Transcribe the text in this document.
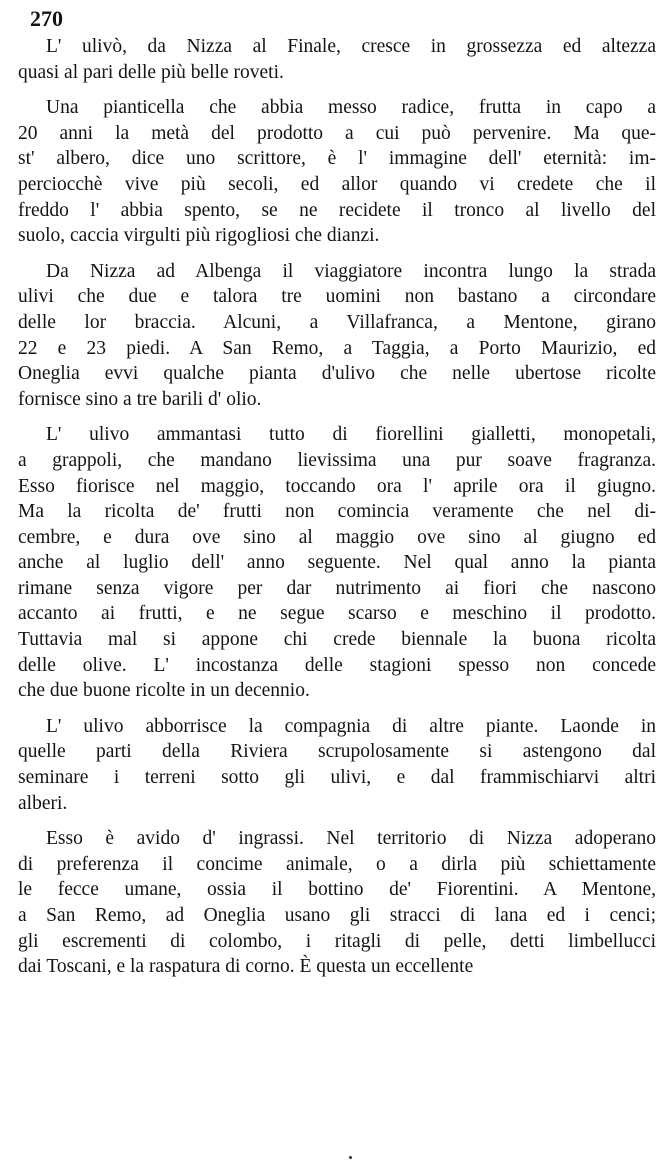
270
L' ulivò, da Nizza al Finale, cresce in grossezza ed altezza
quasi al pari delle più belle roveti.
Una pianticella che abbia messo radice, frutta in capo a
20 anni la metà del prodotto a cui può pervenire. Ma que-
st' albero, dice uno scrittore, è l' immagine dell' eternità: im-
perciocchè vive più secoli, ed allor quando vi credete che il
freddo l' abbia spento, se ne recidete il tronco al livello del
suolo, caccia virgulti più rigogliosi che dianzi.
Da Nizza ad Albenga il viaggiatore incontra lungo la strada
ulivi che due e talora tre uomini non bastano a circondare
delle lor braccia. Alcuni, a Villafranca, a Mentone, girano
22 e 23 piedi. A San Remo, a Taggia, a Porto Maurizio, ed
Oneglia evvi qualche pianta d'ulivo che nelle ubertose ricolte
fornisce sino a tre barili d' olio.
L' ulivo ammantasi tutto di fiorellini gialletti, monopetali,
a grappoli, che mandano lievissima una pur soave fragranza.
Esso fiorisce nel maggio, toccando ora l' aprile ora il giugno.
Ma la ricolta de' frutti non comincia veramente che nel di-
cembre, e dura ove sino al maggio ove sino al giugno ed
anche al luglio dell' anno seguente. Nel qual anno la pianta
rimane senza vigore per dar nutrimento ai fiori che nascono
accanto ai frutti, e ne segue scarso e meschino il prodotto.
Tuttavia mal si appone chi crede biennale la buona ricolta
delle olive. L' incostanza delle stagioni spesso non concede
che due buone ricolte in un decennio.
L' ulivo abborrisce la compagnia di altre piante. Laonde in
quelle parti della Riviera scrupolosamente si astengono dal
seminare i terreni sotto gli ulivi, e dal frammischiarvi altri
alberi.
Esso è avido d' ingrassi. Nel territorio di Nizza adoperano
di preferenza il concime animale, o a dirla più schiettamente
le fecce umane, ossia il bottino de' Fiorentini. A Mentone,
a San Remo, ad Oneglia usano gli stracci di lana ed i cenci;
gli escrementi di colombo, i ritagli di pelle, detti limbellucci
dai Toscani, e la raspatura di corno. È questa un eccellente
